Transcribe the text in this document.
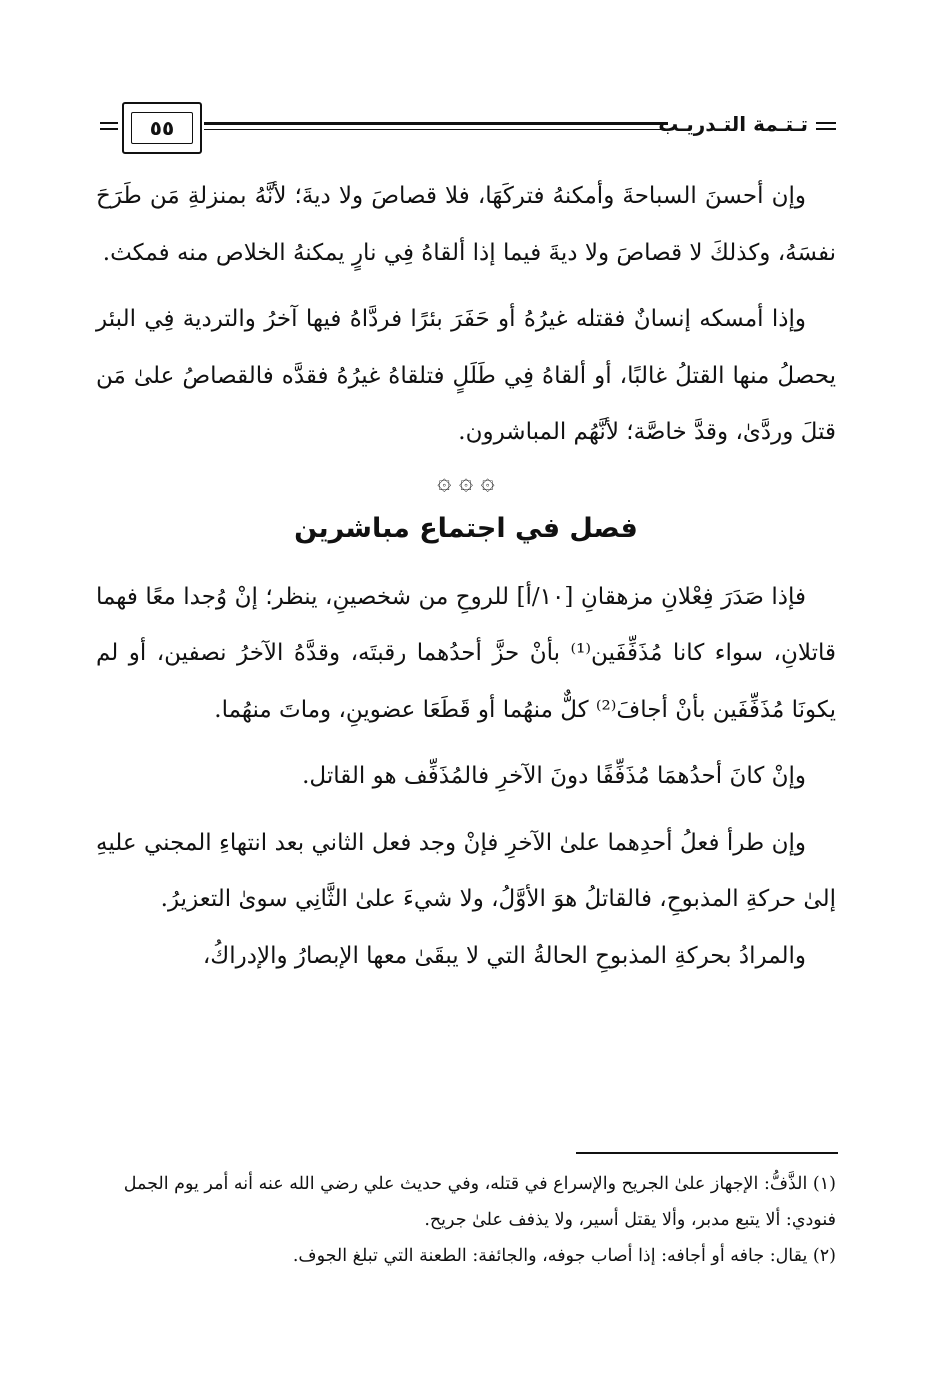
٥٥	تـتـمة التـدريـب

وإن أحسنَ السباحةَ وأمكنهُ فتركَهَا، فلا قصاصَ ولا ديةَ؛ لأنَّهُ بمنزلةِ مَن طَرَحَ نفسَهُ، وكذلكَ لا قصاصَ ولا ديةَ فيما إذا ألقاهُ فِي نارٍ يمكنهُ الخلاص منه فمكث.

وإذا أمسكه إنسانٌ فقتله غيرُهُ أو حَفَرَ بئرًا فردَّاهُ فيها آخرُ والتردية فِي البئر يحصلُ منها القتلُ غالبًا، أو ألقاهُ فِي طَلَلٍ فتلقاهُ غيرُهُ فقدَّه فالقصاصُ علىٰ مَن قتلَ وردَّىٰ، وقدَّ خاصَّة؛ لأنَّهُم المباشرون.

۞ ۞ ۞
فصل في اجتماع مباشرين

فإذا صَدَرَ فِعْلانِ مزهقانِ [١٠/أ] للروحِ من شخصينِ، ينظر؛ إنْ وُجدا معًا فهما قاتلانِ، سواء كانا مُذَفِّفَين⁽¹⁾ بأنْ حزَّ أحدُهما رقبتَه، وقدَّهُ الآخرُ نصفين، أو لم يكونَا مُذَفِّفَين بأنْ أجافَ⁽²⁾ كلٌّ منهُما أو قَطَعَا عضوينِ، وماتَ منهُما.

وإنْ كانَ أحدُهمَا مُذَفِّفًا دونَ الآخرِ فالمُذَفِّف هو القاتل.

وإن طرأ فعلُ أحدِهما علىٰ الآخرِ فإنْ وجد فعل الثاني بعد انتهاءِ المجني عليهِ إلىٰ حركةِ المذبوحِ، فالقاتلُ هوَ الأوَّلُ، ولا شيءَ علىٰ الثَّانِي سوىٰ التعزيرُ.

والمرادُ بحركةِ المذبوحِ الحالةُ التي لا يبقَىٰ معها الإبصارُ والإدراكُ،

(١) الذَّفُّ: الإجهاز علىٰ الجريح والإسراع في قتله، وفي حديث علي رضي الله عنه أنه أمر يوم الجمل فنودي: ألا يتبع مدبر، وألا يقتل أسير، ولا يذفف علىٰ جريح.

(٢) يقال: جافه أو أجافه: إذا أصاب جوفه، والجائفة: الطعنة التي تبلغ الجوف.
